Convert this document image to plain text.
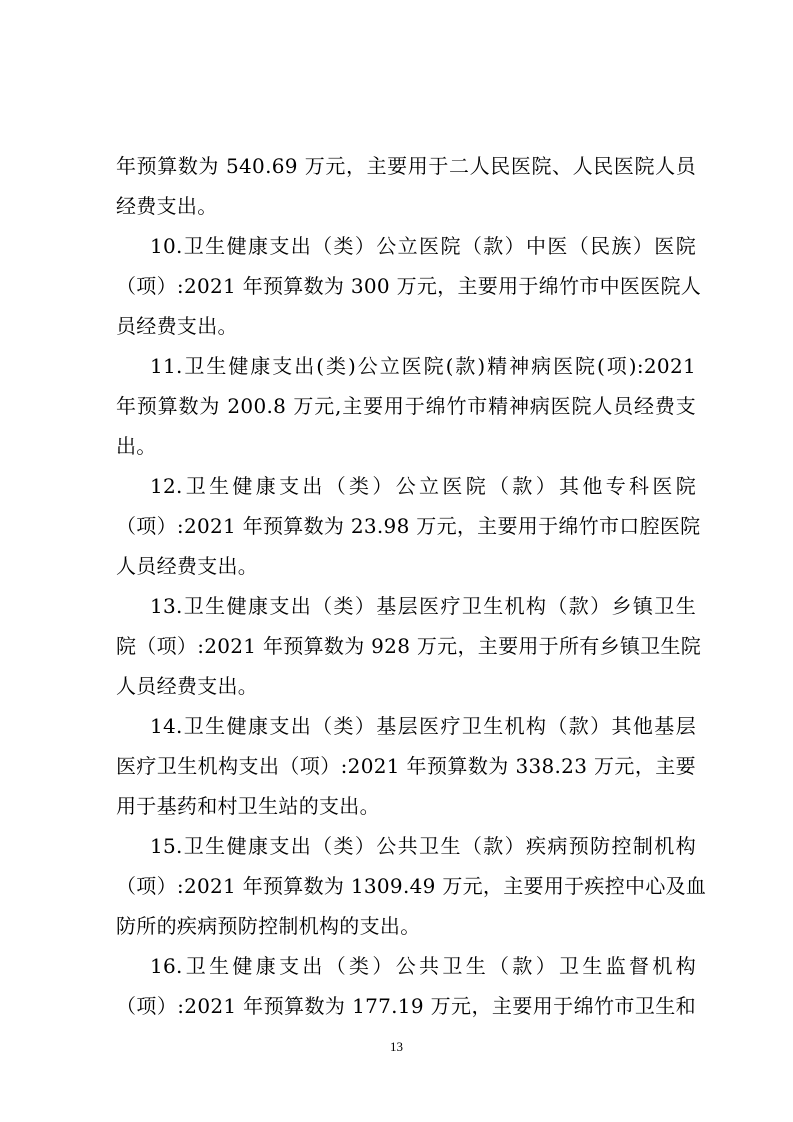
年预算数为 540.69 万元，主要用于二人民医院、人民医院人员
经费支出。
10.卫生健康支出（类）公立医院（款）中医（民族）医院
（项）:2021 年预算数为 300 万元，主要用于绵竹市中医医院人
员经费支出。
11.卫生健康支出(类)公立医院(款)精神病医院(项):2021
年预算数为 200.8 万元,主要用于绵竹市精神病医院人员经费支
出。
12.卫生健康支出（类）公立医院（款）其他专科医院
（项）:2021 年预算数为 23.98 万元，主要用于绵竹市口腔医院
人员经费支出。
13.卫生健康支出（类）基层医疗卫生机构（款）乡镇卫生
院（项）:2021 年预算数为 928 万元，主要用于所有乡镇卫生院
人员经费支出。
14.卫生健康支出（类）基层医疗卫生机构（款）其他基层
医疗卫生机构支出（项）:2021 年预算数为 338.23 万元，主要
用于基药和村卫生站的支出。
15.卫生健康支出（类）公共卫生（款）疾病预防控制机构
（项）:2021 年预算数为 1309.49 万元，主要用于疾控中心及血
防所的疾病预防控制机构的支出。
16.卫生健康支出（类）公共卫生（款）卫生监督机构
（项）:2021 年预算数为 177.19 万元，主要用于绵竹市卫生和
13
